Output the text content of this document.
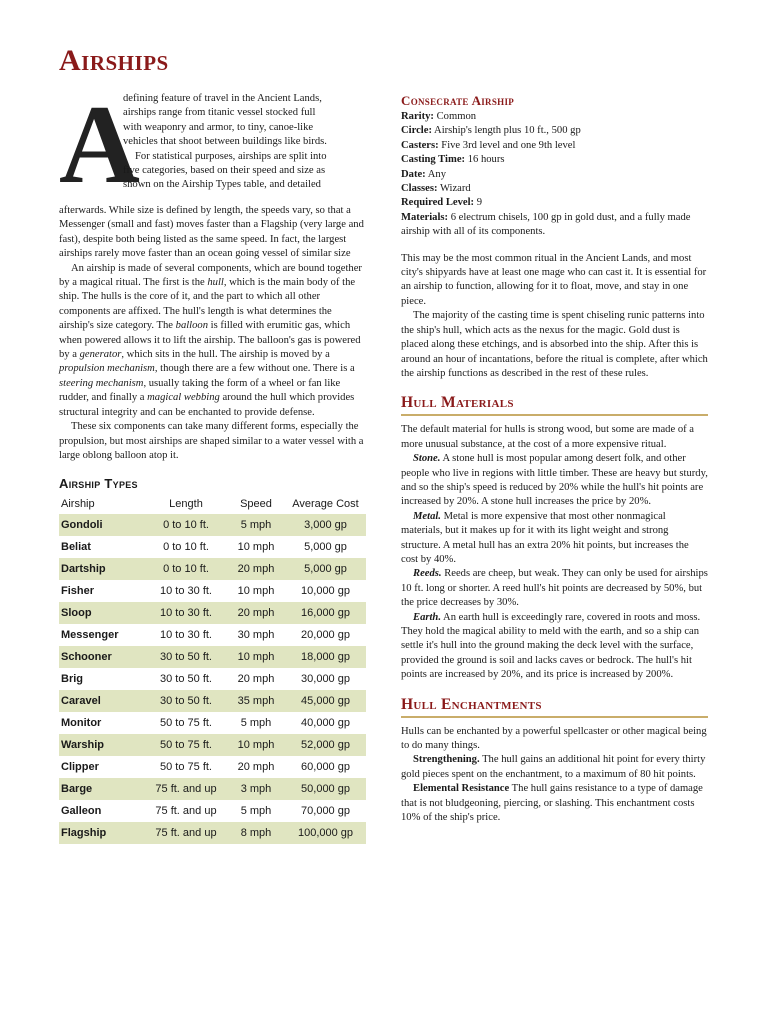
Airships
A

defining feature of travel in the Ancient Lands,

airships range from titanic vessel stocked full

with weaponry and armor, to tiny, canoe-like

vehicles that shoot between buildings like birds.

For statistical purposes, airships are split into

five categories, based on their speed and size as

shown on the Airship Types table, and detailed

afterwards. While size is defined by length, the speeds vary, so that a Messenger (small and fast) moves faster than a Flagship (very large and fast), despite both being listed as the same speed. In fact, the largest airships rarely move faster than an ocean going vessel of similar size

An airship is made of several components, which are bound together by a magical ritual. The first is the hull, which is the main body of the ship. The hulls is the core of it, and the part to which all other components are affixed. The hull's length is what determines the airship's size category. The balloon is filled with erumitic gas, which when powered allows it to lift the airship. The balloon's gas is powered by a generator, which sits in the hull. The airship is moved by a propulsion mechanism, though there are a few without one. There is a steering mechanism, usually taking the form of a wheel or fan like rudder, and finally a magical webbing around the hull which provides structural integrity and can be enchanted to provide defense.

These six components can take many different forms, especially the propulsion, but most airships are shaped similar to a water vessel with a large oblong balloon atop it.

Airship Types
Airship	Length	Speed	Average Cost
Gondoli	0 to 10 ft.	5 mph	3,000 gp
Beliat	0 to 10 ft.	10 mph	5,000 gp
Dartship	0 to 10 ft.	20 mph	5,000 gp
Fisher	10 to 30 ft.	10 mph	10,000 gp
Sloop	10 to 30 ft.	20 mph	16,000 gp
Messenger	10 to 30 ft.	30 mph	20,000 gp
Schooner	30 to 50 ft.	10 mph	18,000 gp
Brig	30 to 50 ft.	20 mph	30,000 gp
Caravel	30 to 50 ft.	35 mph	45,000 gp
Monitor	50 to 75 ft.	5 mph	40,000 gp
Warship	50 to 75 ft.	10 mph	52,000 gp
Clipper	50 to 75 ft.	20 mph	60,000 gp
Barge	75 ft. and up	3 mph	50,000 gp
Galleon	75 ft. and up	5 mph	70,000 gp
Flagship	75 ft. and up	8 mph	100,000 gp
Consecrate Airship

Rarity: Common

Circle: Airship's length plus 10 ft., 500 gp

Casters: Five 3rd level and one 9th level

Casting Time: 16 hours

Date: Any

Classes: Wizard

Required Level: 9

Materials: 6 electrum chisels, 100 gp in gold dust, and a fully made airship with all of its components.

This may be the most common ritual in the Ancient Lands, and most city's shipyards have at least one mage who can cast it. It is essential for an airship to function, allowing for it to float, move, and stay in one piece.

The majority of the casting time is spent chiseling runic patterns into the ship's hull, which acts as the nexus for the magic. Gold dust is placed along these etchings, and is absorbed into the ship. After this is around an hour of incantations, before the ritual is complete, after which the airship functions as described in the rest of these rules.

Hull Materials

The default material for hulls is strong wood, but some are made of a more unusual substance, at the cost of a more expensive ritual.

Stone. A stone hull is most popular among desert folk, and other people who live in regions with little timber. These are heavy but sturdy, and so the ship's speed is reduced by 20% while the hull's hit points are increased by 20%. A stone hull increases the price by 20%.

Metal. Metal is more expensive that most other nonmagical materials, but it makes up for it with its light weight and strong structure. A metal hull has an extra 20% hit points, but increases the cost by 40%.

Reeds. Reeds are cheep, but weak. They can only be used for airships 10 ft. long or shorter. A reed hull's hit points are decreased by 50%, but the price decreases by 30%.

Earth. An earth hull is exceedingly rare, covered in roots and moss. They hold the magical ability to meld with the earth, and so a ship can settle it's hull into the ground making the deck level with the surface, provided the ground is soil and lacks caves or bedrock. The hull's hit points are increased by 20%, and its price is increased by 200%.

Hull Enchantments

Hulls can be enchanted by a powerful spellcaster or other magical being to do many things.

Strengthening. The hull gains an additional hit point for every thirty gold pieces spent on the enchantment, to a maximum of 80 hit points.

Elemental Resistance The hull gains resistance to a type of damage that is not bludgeoning, piercing, or slashing. This enchantment costs 10% of the ship's price.
